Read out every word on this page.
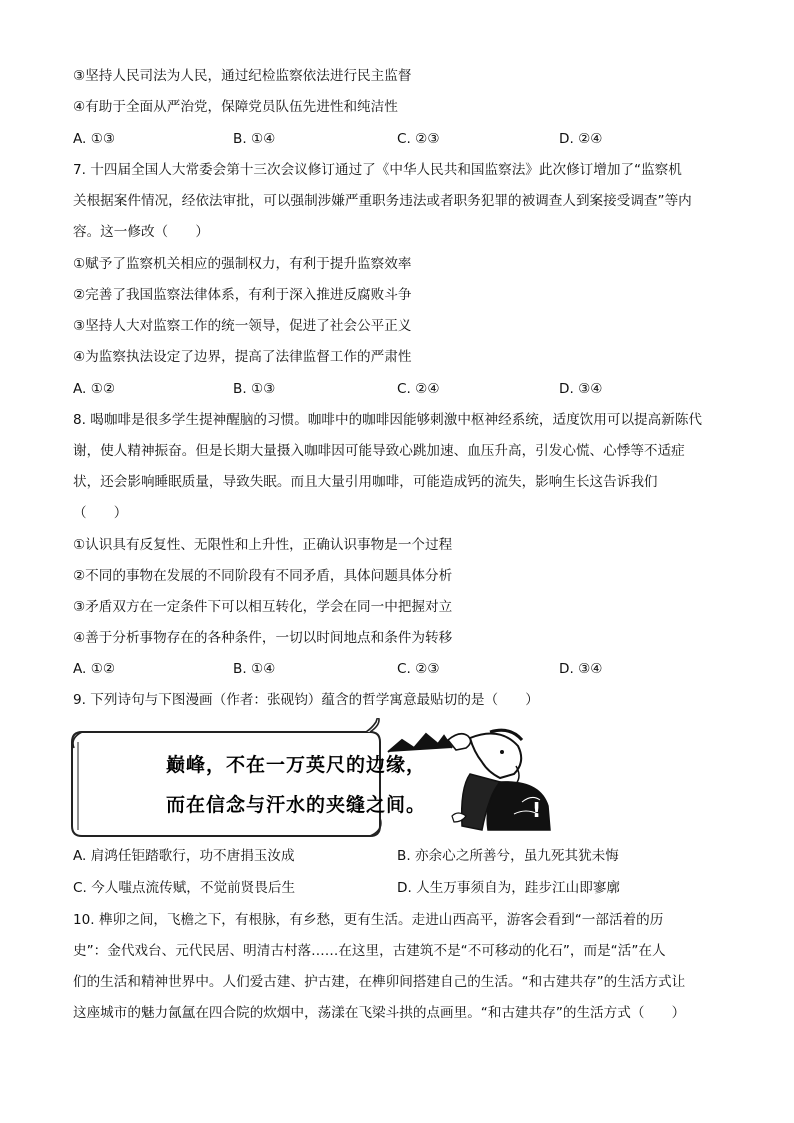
③坚持人民司法为人民，通过纪检监察依法进行民主监督
④有助于全面从严治党，保障党员队伍先进性和纯洁性
A. ①③	B. ①④	C. ②③	D. ②④
7. 十四届全国人大常委会第十三次会议修订通过了《中华人民共和国监察法》此次修订增加了“监察机
关根据案件情况，经依法审批，可以强制涉嫌严重职务违法或者职务犯罪的被调查人到案接受调查”等内
容。这一修改（　　）
①赋予了监察机关相应的强制权力，有利于提升监察效率
②完善了我国监察法律体系，有利于深入推进反腐败斗争
③坚持人大对监察工作的统一领导，促进了社会公平正义
④为监察执法设定了边界，提高了法律监督工作的严肃性
A. ①②	B. ①③	C. ②④	D. ③④
8. 喝咖啡是很多学生提神醒脑的习惯。咖啡中的咖啡因能够刺激中枢神经系统，适度饮用可以提高新陈代
谢，使人精神振奋。但是长期大量摄入咖啡因可能导致心跳加速、血压升高，引发心慌、心悸等不适症
状，还会影响睡眠质量，导致失眠。而且大量引用咖啡，可能造成钙的流失，影响生长这告诉我们
（　　）
①认识具有反复性、无限性和上升性，正确认识事物是一个过程
②不同的事物在发展的不同阶段有不同矛盾，具体问题具体分析
③矛盾双方在一定条件下可以相互转化，学会在同一中把握对立
④善于分析事物存在的各种条件，一切以时间地点和条件为转移
A. ①②	B. ①④	C. ②③	D. ③④
9. 下列诗句与下图漫画（作者：张砚钧）蕴含的哲学寓意最贴切的是（　　）
巅峰，不在一万英尺的边缘，
而在信念与汗水的夹缝之间。	!
A. 肩鸿任钜踏歌行，功不唐捐玉汝成	B. 亦余心之所善兮，虽九死其犹未悔
C. 今人嗤点流传赋，不觉前贤畏后生	D. 人生万事须自为，跬步江山即寥廓
10. 榫卯之间，飞檐之下，有根脉，有乡愁，更有生活。走进山西高平，游客会看到“一部活着的历
史”：金代戏台、元代民居、明清古村落……在这里，古建筑不是“不可移动的化石”，而是“活”在人
们的生活和精神世界中。人们爱古建、护古建，在榫卯间搭建自己的生活。“和古建共存”的生活方式让
这座城市的魅力氤氲在四合院的炊烟中，荡漾在飞梁斗拱的点画里。“和古建共存”的生活方式（　　）
